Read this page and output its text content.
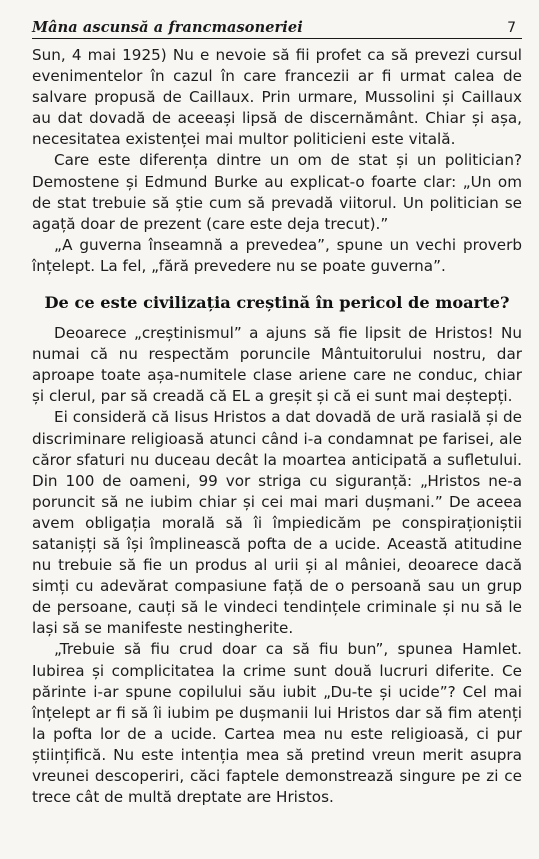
Mâna ascunsă a francmasoneriei	7

Sun, 4 mai 1925) Nu e nevoie să fii profet ca să prevezi cursul evenimentelor în cazul în care francezii ar fi urmat calea de salvare propusă de Caillaux. Prin urmare, Mussolini și Caillaux au dat dovadă de aceeași lipsă de discernământ. Chiar și așa, necesitatea existenței mai multor politicieni este vitală.

Care este diferența dintre un om de stat și un politician? Demostene și Edmund Burke au explicat-o foarte clar: „Un om de stat trebuie să știe cum să prevadă viitorul. Un politician se agață doar de prezent (care este deja trecut).”

„A guverna înseamnă a prevedea”, spune un vechi proverb înțelept. La fel, „fără prevedere nu se poate guverna”.

De ce este civilizația creștină în pericol de moarte?

Deoarece „creștinismul” a ajuns să fie lipsit de Hristos! Nu numai că nu respectăm poruncile Mântuitorului nostru, dar aproape toate așa-numitele clase ariene care ne conduc, chiar și clerul, par să creadă că EL a greșit și că ei sunt mai deștepți.

Ei consideră că Iisus Hristos a dat dovadă de ură rasială și de discriminare religioasă atunci când i-a condamnat pe farisei, ale căror sfaturi nu duceau decât la moartea anticipată a sufletului. Din 100 de oameni, 99 vor striga cu siguranță: „Hristos ne-a poruncit să ne iubim chiar și cei mai mari dușmani.” De aceea avem obligația morală să îi împiedicăm pe conspiraționiștii satanișți să își împlinească pofta de a ucide. Această atitudine nu trebuie să fie un produs al urii și al mâniei, deoarece dacă simți cu adevărat compasiune față de o persoană sau un grup de persoane, cauți să le vindeci tendințele criminale și nu să le lași să se manifeste nestingherite.

„Trebuie să fiu crud doar ca să fiu bun”, spunea Hamlet. Iubirea și complicitatea la crime sunt două lucruri diferite. Ce părinte i-ar spune copilului său iubit „Du-te și ucide”? Cel mai înțelept ar fi să îi iubim pe dușmanii lui Hristos dar să fim atenți la pofta lor de a ucide. Cartea mea nu este religioasă, ci pur științifică. Nu este intenția mea să pretind vreun merit asupra vreunei descoperiri, căci faptele demonstrează singure pe zi ce trece cât de multă dreptate are Hristos.
